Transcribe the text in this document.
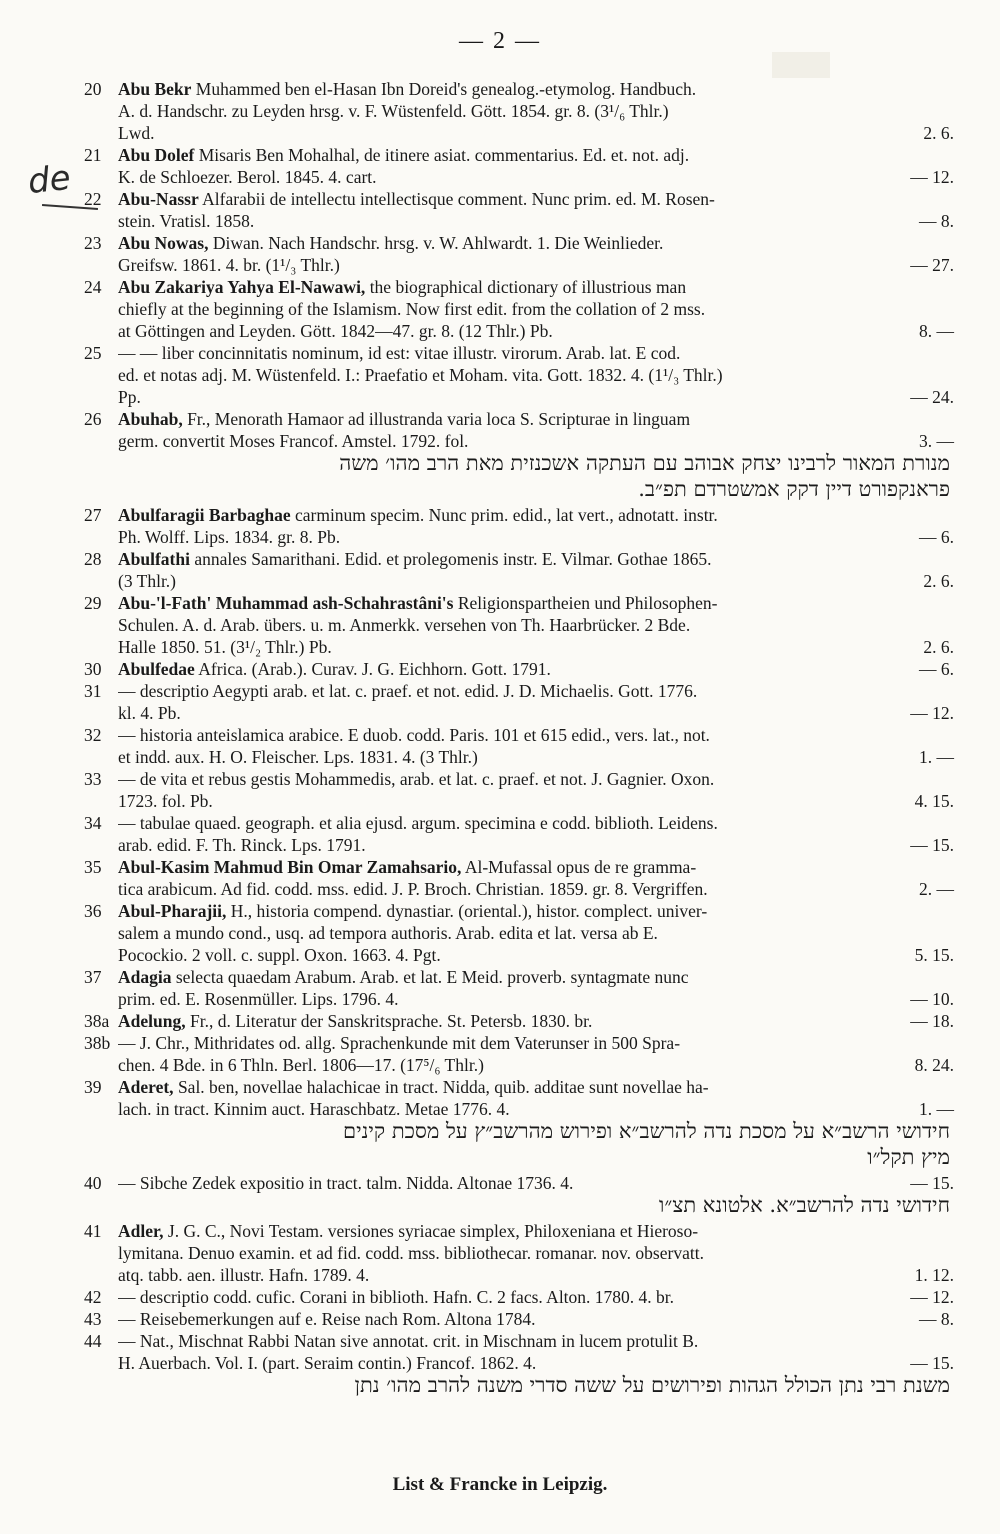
— 2 —
de
20 Abu Bekr Muhammed ben el-Hasan Ibn Doreid's genealog.-etymolog. Handbuch.
A. d. Handschr. zu Leyden hrsg. v. F. Wüstenfeld. Gött. 1854. gr. 8. (3¹/₆ Thlr.)
Lwd.	2. 6.
21 Abu Dolef Misaris Ben Mohalhal, de itinere asiat. commentarius. Ed. et. not. adj.
K. de Schloezer. Berol. 1845. 4. cart.	— 12.
22 Abu-Nassr Alfarabii de intellectu intellectisque comment. Nunc prim. ed. M. Rosen-
stein. Vratisl. 1858.	— 8.
23 Abu Nowas, Diwan. Nach Handschr. hrsg. v. W. Ahlwardt. 1. Die Weinlieder.
Greifsw. 1861. 4. br. (1¹/₃ Thlr.)	— 27.
24 Abu Zakariya Yahya El-Nawawi, the biographical dictionary of illustrious man
chiefly at the beginning of the Islamism. Now first edit. from the collation of 2 mss.
at Göttingen and Leyden. Gött. 1842—47. gr. 8. (12 Thlr.) Pb.	8. —
25 — — liber concinnitatis nominum, id est: vitae illustr. virorum. Arab. lat. E cod.
ed. et notas adj. M. Wüstenfeld. I.: Praefatio et Moham. vita. Gott. 1832. 4. (1¹/₃ Thlr.)
Pp.	— 24.
26 Abuhab, Fr., Menorath Hamaor ad illustranda varia loca S. Scripturae in linguam
germ. convertit Moses Francof. Amstel. 1792. fol.	3. —
מנורת המאור לרבינו יצחק אבוהב עם העתקה אשכנזית מאת הרב מהו׳ משה
פראנקפורט דיין דקק אמשטרדם תפ״ב.
27 Abulfaragii Barbaghae carminum specim. Nunc prim. edid., lat vert., adnotatt. instr.
Ph. Wolff. Lips. 1834. gr. 8. Pb.	— 6.
28 Abulfathi annales Samarithani. Edid. et prolegomenis instr. E. Vilmar. Gothae 1865.
(3 Thlr.)	2. 6.
29 Abu-'l-Fath' Muhammad ash-Schahrastâni's Religionspartheien und Philosophen-
Schulen. A. d. Arab. übers. u. m. Anmerkk. versehen von Th. Haarbrücker. 2 Bde.
Halle 1850. 51. (3¹/₂ Thlr.) Pb.	2. 6.
30 Abulfedae Africa. (Arab.). Curav. J. G. Eichhorn. Gott. 1791.	— 6.
31 — descriptio Aegypti arab. et lat. c. praef. et not. edid. J. D. Michaelis. Gott. 1776.
kl. 4. Pb.	— 12.
32 — historia anteislamica arabice. E duob. codd. Paris. 101 et 615 edid., vers. lat., not.
et indd. aux. H. O. Fleischer. Lps. 1831. 4. (3 Thlr.)	1. —
33 — de vita et rebus gestis Mohammedis, arab. et lat. c. praef. et not. J. Gagnier. Oxon.
1723. fol. Pb.	4. 15.
34 — tabulae quaed. geograph. et alia ejusd. argum. specimina e codd. biblioth. Leidens.
arab. edid. F. Th. Rinck. Lps. 1791.	— 15.
35 Abul-Kasim Mahmud Bin Omar Zamahsario, Al-Mufassal opus de re gramma-
tica arabicum. Ad fid. codd. mss. edid. J. P. Broch. Christian. 1859. gr. 8. Vergriffen.	2. —
36 Abul-Pharajii, H., historia compend. dynastiar. (oriental.), histor. complect. univer-
salem a mundo cond., usq. ad tempora authoris. Arab. edita et lat. versa ab E.
Pocockio. 2 voll. c. suppl. Oxon. 1663. 4. Pgt.	5. 15.
37 Adagia selecta quaedam Arabum. Arab. et lat. E Meid. proverb. syntagmate nunc
prim. ed. E. Rosenmüller. Lips. 1796. 4.	— 10.
38a Adelung, Fr., d. Literatur der Sanskritsprache. St. Petersb. 1830. br.	— 18.
38b — J. Chr., Mithridates od. allg. Sprachenkunde mit dem Vaterunser in 500 Spra-
chen. 4 Bde. in 6 Thln. Berl. 1806—17. (17⁵/₆ Thlr.)	8. 24.
39 Aderet, Sal. ben, novellae halachicae in tract. Nidda, quib. additae sunt novellae ha-
lach. in tract. Kinnim auct. Haraschbatz. Metae 1776. 4.	1. —
חידושי הרשב״א על מסכת נדה להרשב״א ופירוש מהרשב״ץ על מסכת קינים
מיץ תקל״ו
40 — Sibche Zedek expositio in tract. talm. Nidda. Altonae 1736. 4.	— 15.
חידושי נדה להרשב״א. אלטונא תצ״ו
41 Adler, J. G. C., Novi Testam. versiones syriacae simplex, Philoxeniana et Hieroso-
lymitana. Denuo examin. et ad fid. codd. mss. bibliothecar. romanar. nov. observatt.
atq. tabb. aen. illustr. Hafn. 1789. 4.	1. 12.
42 — descriptio codd. cufic. Corani in biblioth. Hafn. C. 2 facs. Alton. 1780. 4. br.	— 12.
43 — Reisebemerkungen auf e. Reise nach Rom. Altona 1784.	— 8.
44 — Nat., Mischnat Rabbi Natan sive annotat. crit. in Mischnam in lucem protulit B.
H. Auerbach. Vol. I. (part. Seraim contin.) Francof. 1862. 4.	— 15.
משנת רבי נתן הכולל הגהות ופירושים על ששה סדרי משנה להרב מהו׳ נתן
List & Francke in Leipzig.
